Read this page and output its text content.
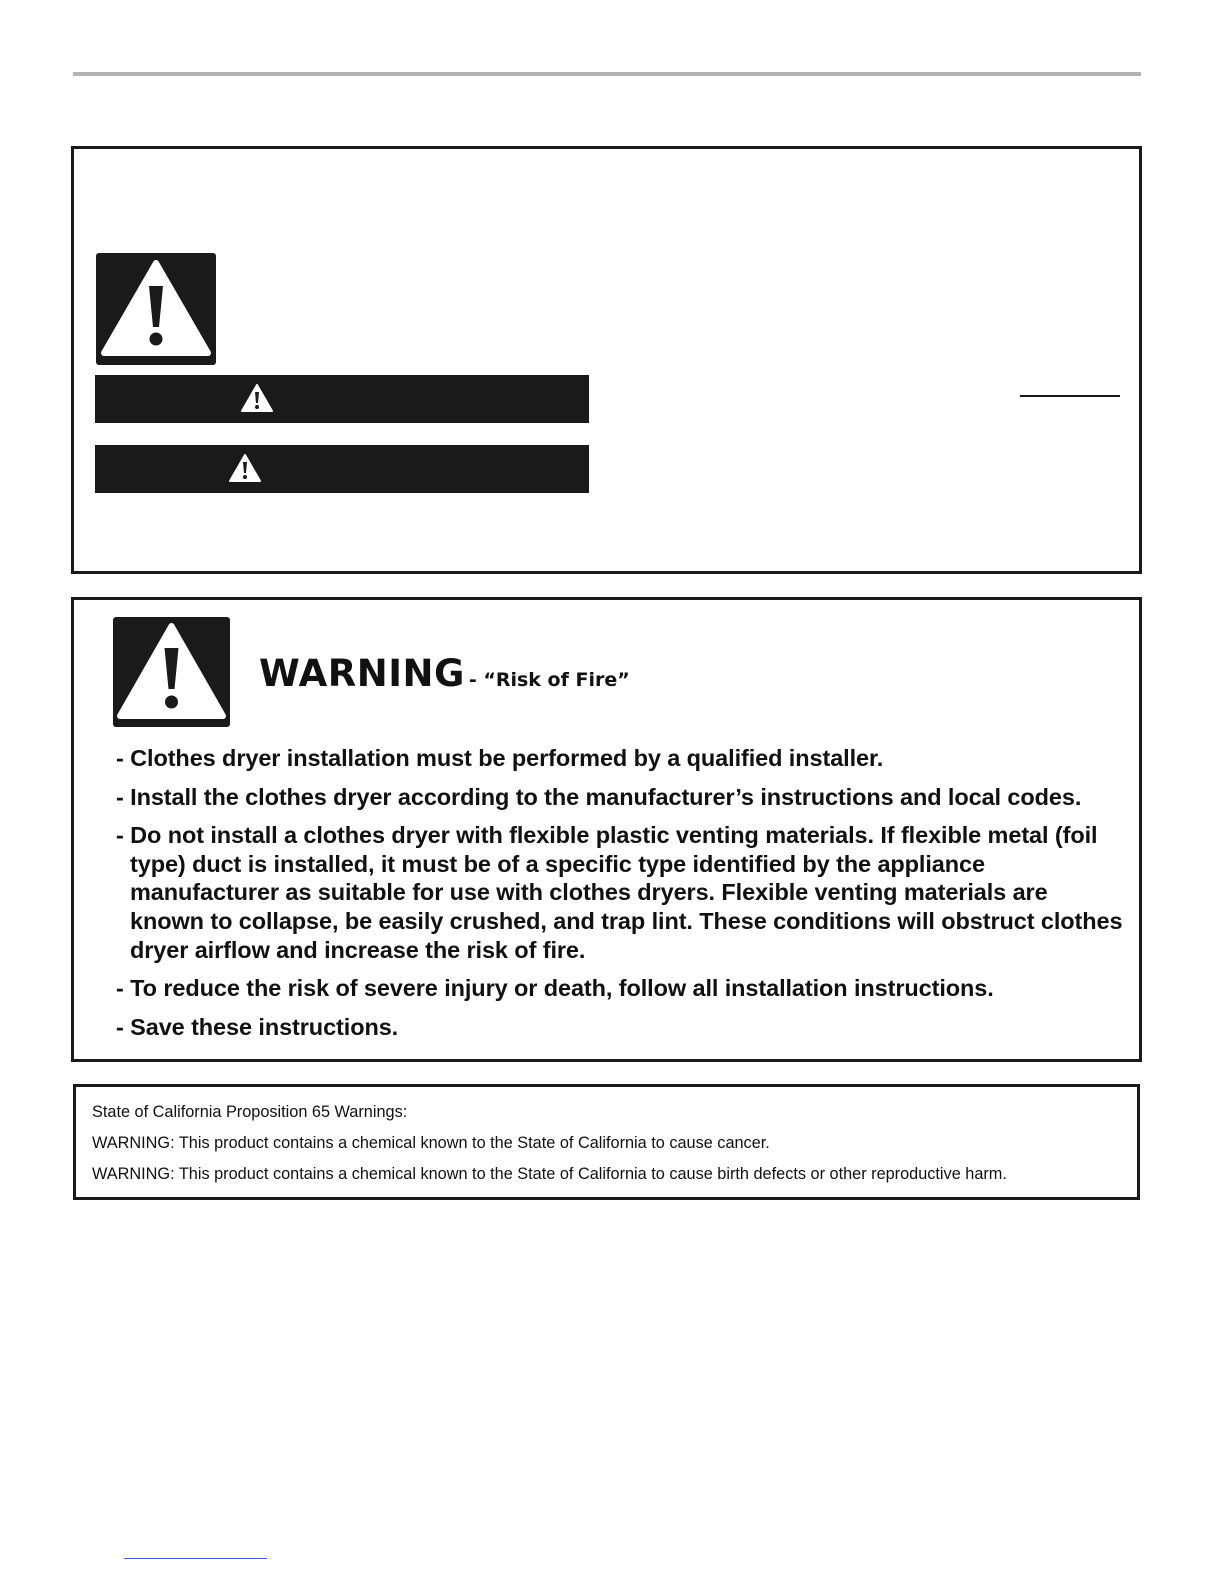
WARNING - “Risk of Fire”
- Clothes dryer installation must be performed by a qualified installer.
- Install the clothes dryer according to the manufacturer’s instructions and local codes.
- Do not install a clothes dryer with flexible plastic venting materials. If flexible metal (foil type) duct is installed, it must be of a specific type identified by the appliance manufacturer as suitable for use with clothes dryers. Flexible venting materials are known to collapse, be easily crushed, and trap lint. These conditions will obstruct clothes dryer airflow and increase the risk of fire.
- To reduce the risk of severe injury or death, follow all installation instructions.
- Save these instructions.
State of California Proposition 65 Warnings:
WARNING: This product contains a chemical known to the State of California to cause cancer.
WARNING: This product contains a chemical known to the State of California to cause birth defects or other reproductive harm.
